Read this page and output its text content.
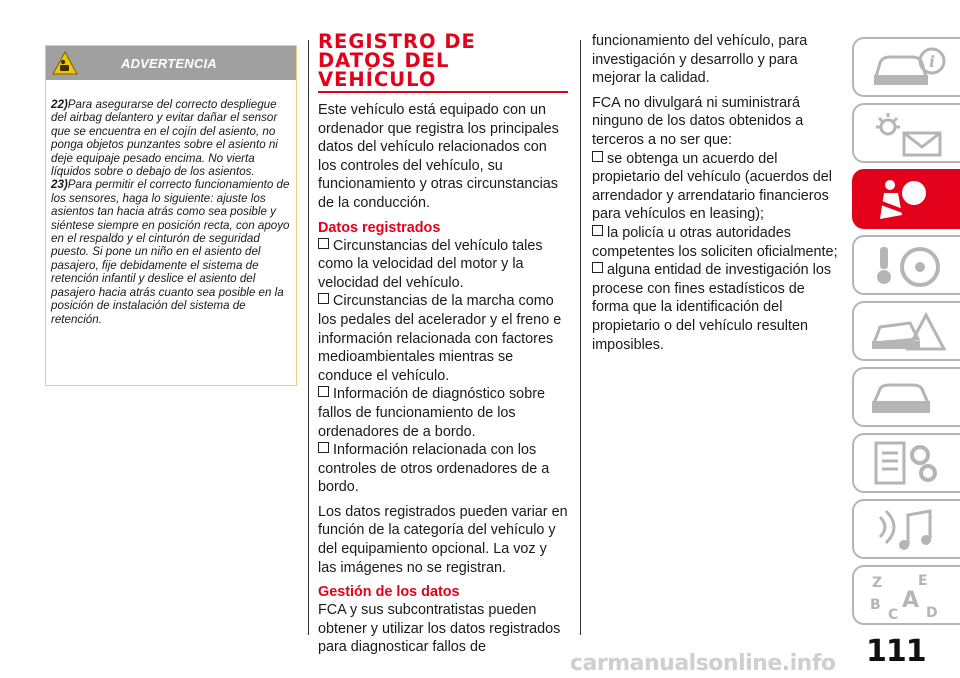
ADVERTENCIA

22)Para asegurarse del correcto despliegue del airbag delantero y evitar dañar el sensor que se encuentra en el cojín del asiento, no ponga objetos punzantes sobre el asiento ni deje equipaje pesado encima. No vierta líquidos sobre o debajo de los asientos.

23)Para permitir el correcto funcionamiento de los sensores, haga lo siguiente: ajuste los asientos tan hacia atrás como sea posible y siéntese siempre en posición recta, con apoyo en el respaldo y el cinturón de seguridad puesto. Si pone un niño en el asiento del pasajero, fije debidamente el sistema de retención infantil y deslice el asiento del pasajero hacia atrás cuanto sea posible en la posición de instalación del sistema de retención.

REGISTRO DE
DATOS DEL
VEHÍCULO

Este vehículo está equipado con un ordenador que registra los principales datos del vehículo relacionados con los controles del vehículo, su funcionamiento y otras circunstancias de la conducción.

Datos registrados

Circunstancias del vehículo tales como la velocidad del motor y la velocidad del vehículo.

Circunstancias de la marcha como los pedales del acelerador y el freno e información relacionada con factores medioambientales mientras se conduce el vehículo.

Información de diagnóstico sobre fallos de funcionamiento de los ordenadores de a bordo.

Información relacionada con los controles de otros ordenadores de a bordo.

Los datos registrados pueden variar en función de la categoría del vehículo y del equipamiento opcional. La voz y las imágenes no se registran.

Gestión de los datos

FCA y sus subcontratistas pueden obtener y utilizar los datos registrados para diagnosticar fallos de

funcionamiento del vehículo, para investigación y desarrollo y para mejorar la calidad.

FCA no divulgará ni suministrará ninguno de los datos obtenidos a terceros a no ser que:

se obtenga un acuerdo del propietario del vehículo (acuerdos del arrendador y arrendatario financieros para vehículos en leasing);

la policía u otras autoridades competentes los soliciten oficialmente;

alguna entidad de investigación los procese con fines estadísticos de forma que la identificación del propietario o del vehículo resulten imposibles.

i
Z	E
B A
C D
111
carmanualsonline.info
